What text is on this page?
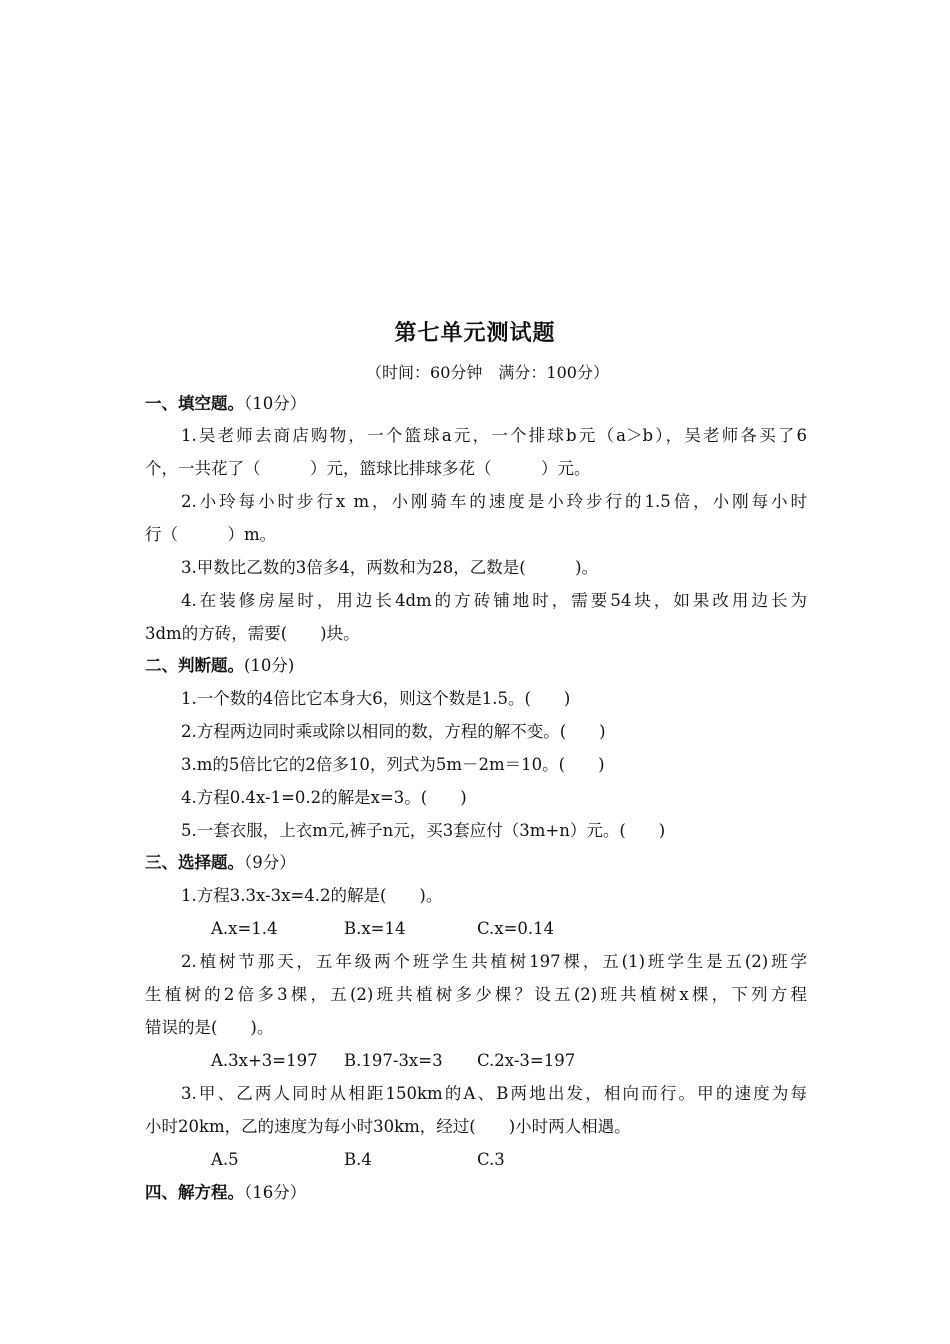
第七单元测试题
（时间：60分钟　满分：100分）
一、填空题。（10分）
1.吴老师去商店购物，一个篮球a元，一个排球b元（a＞b），吴老师各买了6
个，一共花了（　　　）元，篮球比排球多花（　　　）元。
2.小玲每小时步行x m，小刚骑车的速度是小玲步行的1.5倍，小刚每小时
行（　　　）m。
3.甲数比乙数的3倍多4，两数和为28，乙数是(　　　)。
4.在装修房屋时，用边长4dm的方砖铺地时，需要54块，如果改用边长为
3dm的方砖，需要(　　)块。
二、判断题。(10分)
1.一个数的4倍比它本身大6，则这个数是1.5。(　　)
2.方程两边同时乘或除以相同的数，方程的解不变。(　　)
3.m的5倍比它的2倍多10，列式为5m－2m＝10。(　　)
4.方程0.4x-1=0.2的解是x=3。(　　)
5.一套衣服，上衣m元,裤子n元，买3套应付（3m+n）元。(　　)
三、选择题。（9分）
1.方程3.3x-3x=4.2的解是(　　)。
A.x=1.4	B.x=14	C.x=0.14
2.植树节那天，五年级两个班学生共植树197棵，五(1)班学生是五(2)班学
生植树的2倍多3棵，五(2)班共植树多少棵？设五(2)班共植树x棵，下列方程
错误的是(　　)。
A.3x+3=197 B.197-3x=3 C.2x-3=197
3.甲、乙两人同时从相距150km的A、B两地出发，相向而行。甲的速度为每
小时20km，乙的速度为每小时30km，经过(　　)小时两人相遇。
A.5	B.4	C.3
四、解方程。（16分）
